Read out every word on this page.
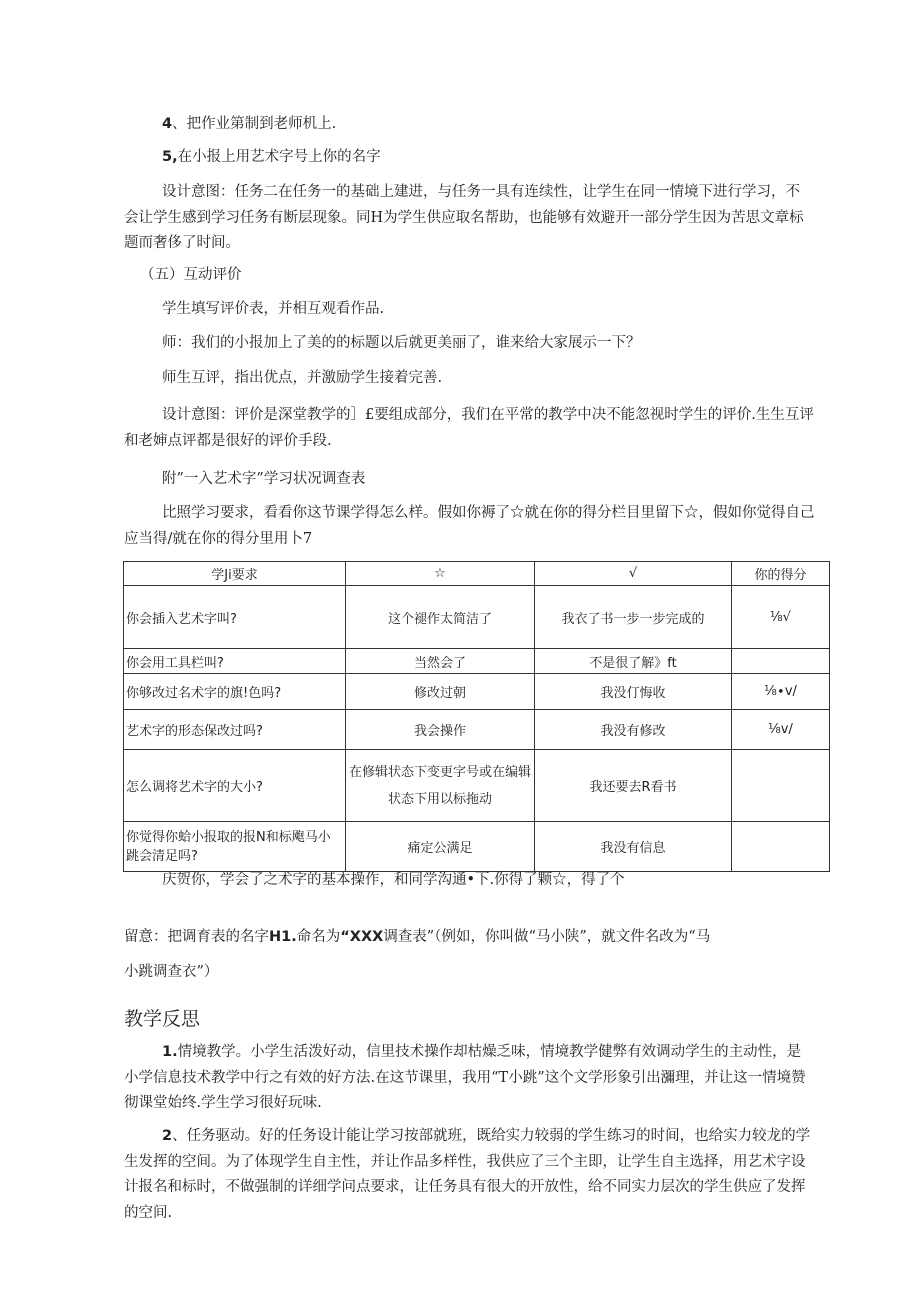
4、把作业第制到老师机上.
5,在小报上用艺术字号上你的名字
设计意图：任务二在任务一的基础上建进，与任务一具有连续性，让学生在同一情境下进行学习，不会让学生感到学习任务有断层现象。同H为学生供应取名帮助，也能够有效避开一部分学生因为苦思文章标题而奢侈了时间。
（五）互动评价
学生填写评价表，并相互观看作品.
师：我们的小报加上了美的的标题以后就更美丽了，谁来给大家展示一下？
师生互评，指出优点，并激励学生接着完善.
设计意图：评价是深堂教学的］£要组成部分，我们在平常的教学中决不能忽视时学生的评价.生生互评和老婶点评都是很好的评价手段.
附”一入艺术字”学习状况调查表
比照学习要求，看看你这节课学得怎么样。假如你褥了☆就在你的得分栏目里留下☆，假如你觉得自己应当得/就在你的得分里用卜7
学Ji要求	☆	√	你的得分
你会插入艺术字叫?	这个褪作太简洁了	我衣了书一步一步完成的	⅛√
你会用工具栏叫?	当然会了	不是很了解》ft	
你够改过名术字的旗!色吗?	修改过朝	我没仃悔收	⅛∙v/
艺术字的形态保改过吗?	我会操作	我没有修改	⅛v/
怎么调将艺术字的大小?	在修辑状态下变更字号或在编辑状态下用以标拖动	我还要去R看书	
你觉得你蛤小报取的报N和标飑马小跳会清足吗?	痛定公满足	我没有信息	
庆贺你，学会了之术字的基本操作，和同学沟通•下.你得了颗☆，得了个
留意：把调育表的名字H1.命名为“XXX调查表”（例如，你叫做“马小陕”，就文件名改为“马
小跳调查衣”）
教学反思
1.情境教学。小学生活泼好动，信里技术操作却枯燥乏味，情境教学健弊有效调动学生的主动性，是小学信息技术教学中行之有效的好方法.在这节课里，我用“T小跳”这个文学形象引出瀰理，并让这一情境赞彻课堂始终.学生学习很好玩味.
2、任务驱动。好的任务设计能让学习按部就班，既给实力较弱的学生练习的时间，也给实力较龙的学生发挥的空间。为了体现学生自主性，并让作品多样性，我供应了三个主即，让学生自主选择，用艺术字设计报名和标时，不做强制的详细学问点要求，让任务具有很大的开放性，给不同实力层次的学生供应了发挥的空间.
